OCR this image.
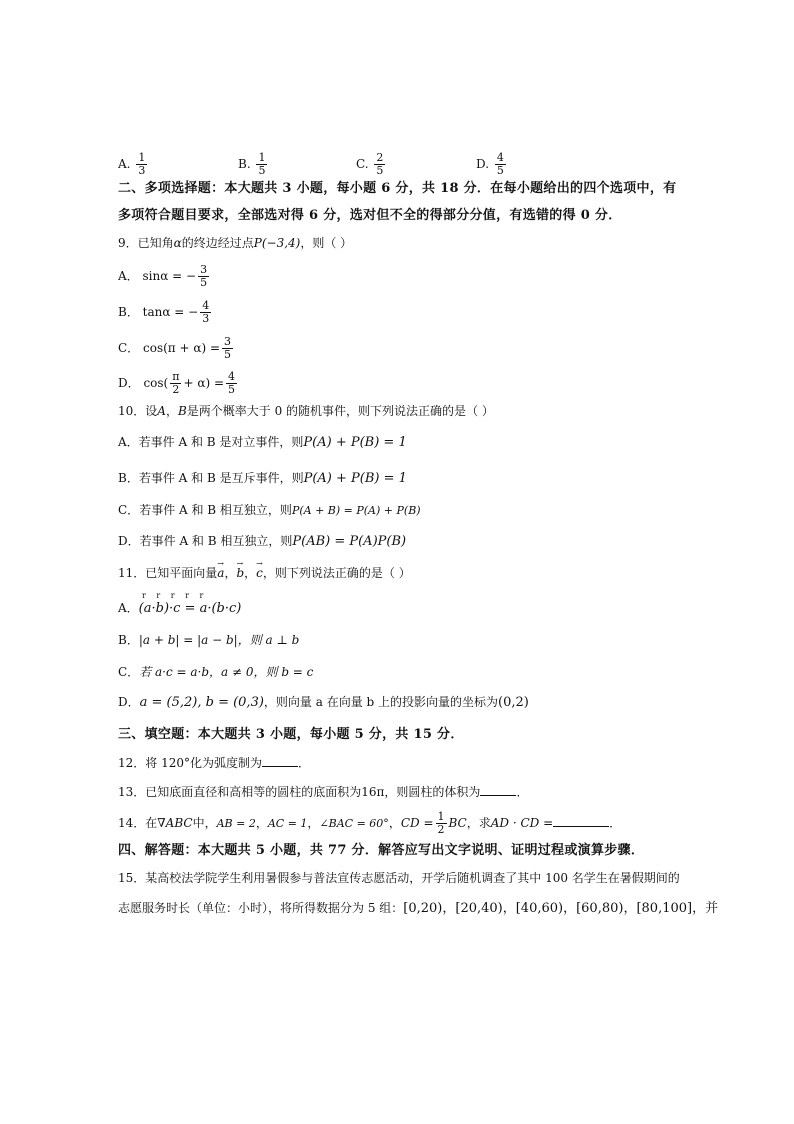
A. $\frac{1}{3}$	B. $\frac{1}{5}$	C. $\frac{2}{5}$	D. $\frac{4}{5}$
二、多项选择题：本大题共 3 小题，每小题 6 分，共 18 分．在每小题给出的四个选项中，有
多项符合题目要求，全部选对得 6 分，选对但不全的得部分分值，有选错的得 0 分．
9．已知角α的终边经过点P(−3,4)，则（ ）
A． sinα = − $\frac{3}{5}$
B． tanα = − $\frac{4}{3}$
C． $\cos(\pi + \alpha) = \frac{3}{5}$
D． $\cos( \frac{\pi}{2} + \alpha) = \frac{4}{5}$
10．设A，B是两个概率大于 0 的随机事件，则下列说法正确的是（ ）
A．若事件 A 和 B 是对立事件，则P(A) + P(B) = 1
B．若事件 A 和 B 是互斥事件，则P(A) + P(B) = 1
C．若事件 A 和 B 相互独立，则P(A + B) = P(A) + P(B)
D．若事件 A 和 B 相互独立，则P(AB) = P(A)P(B)
11．已知平面向量→ a，→ b，→ c，则下列说法正确的是（ ）
r r r r r
A．(a·b)·c = a·(b·c)
B．|a + b| = |a − b|，则 a ⊥ b
C．若 a·c = a·b，a ≠ 0，则 b = c
D．a = (5,2), b = (0,3)，则向量 a 在向量 b 上的投影向量的坐标为(0,2)
三、填空题：本大题共 3 小题，每小题 5 分，共 15 分．
12．将 120°化为弧度制为	．
13．已知底面直径和高相等的圆柱的底面积为16π，则圆柱的体积为	．
14．在∇ABC中，AB = 2，AC = 1，∠BAC = 60°，CD = $\frac{1}{2}$ BC，求AD · CD =	．
四、解答题：本大题共 5 小题，共 77 分．解答应写出文字说明、证明过程或演算步骤．
15．某高校法学院学生利用暑假参与普法宣传志愿活动，开学后随机调查了其中 100 名学生在暑假期间的
志愿服务时长（单位：小时），将所得数据分为 5 组：[0,20)，[20,40)，[40,60)，[60,80)，[80,100]，并
